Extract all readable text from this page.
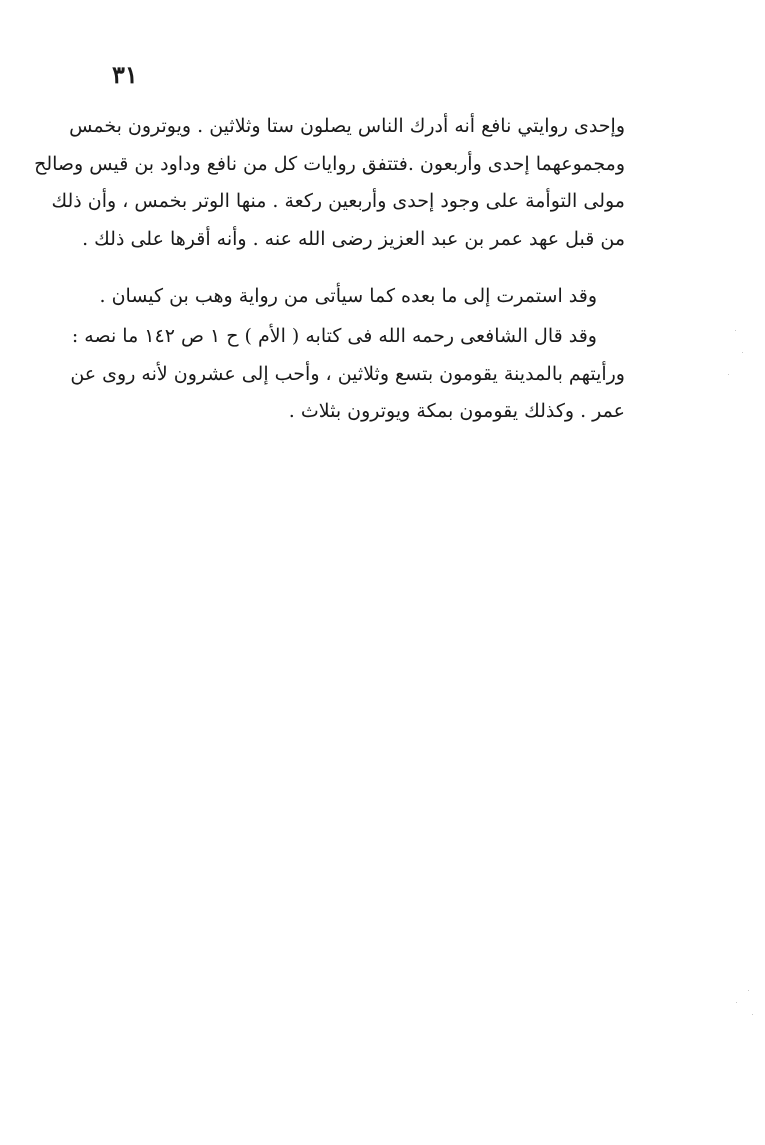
٣١
وإحدى روايتي نافع أنه أدرك الناس يصلون ستا وثلاثين . ويوترون بخمس
ومجموعهما إحدى وأربعون .فتتفق روايات كل من نافع وداود بن قيس وصالح
مولى التوأمة على وجود إحدى وأربعين ركعة . منها الوتر بخمس ، وأن ذلك
من قبل عهد عمر بن عبد العزيز رضى الله عنه . وأنه أقرها على ذلك .
وقد استمرت إلى ما بعده كما سيأتى من رواية وهب بن كيسان .
وقد قال الشافعى رحمه الله فى كتابه ( الأم ) ح ١ ص ١٤٢ ما نصه :
ورأيتهم بالمدينة يقومون بتسع وثلاثين ، وأحب إلى عشرون لأنه روى عن
عمر . وكذلك يقومون بمكة ويوترون بثلاث .
